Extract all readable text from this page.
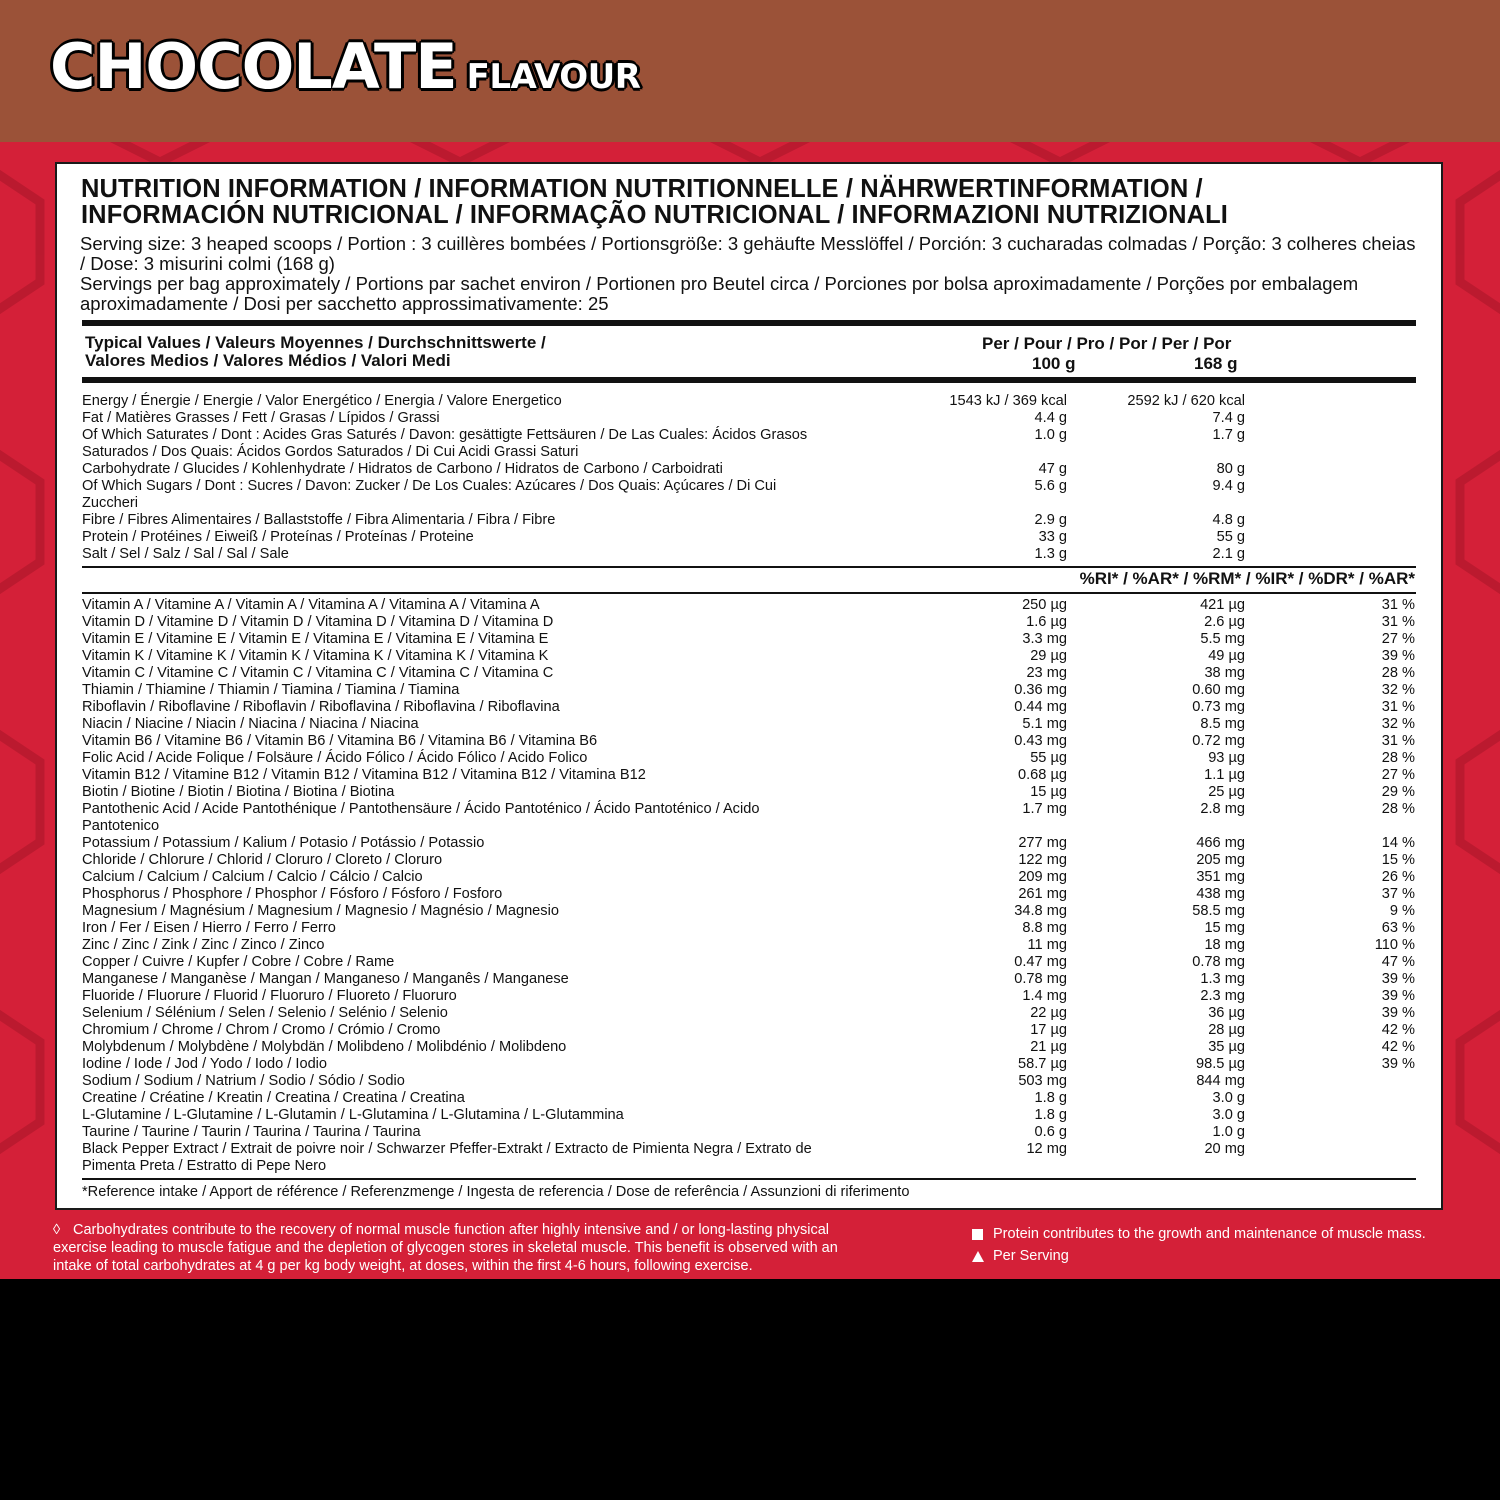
CHOCOLATE FLAVOUR
NUTRITION INFORMATION / INFORMATION NUTRITIONNELLE / NÄHRWERTINFORMATION /
INFORMACIÓN NUTRICIONAL / INFORMAÇÃO NUTRICIONAL / INFORMAZIONI NUTRIZIONALI

Serving size: 3 heaped scoops / Portion : 3 cuillères bombées / Portionsgröße: 3 gehäufte Messlöffel / Porción: 3 cucharadas colmadas / Porção: 3 colheres cheias / Dose: 3 misurini colmi (168 g)

Servings per bag approximately / Portions par sachet environ / Portionen pro Beutel circa / Porciones por bolsa aproximadamente / Porções por embalagem aproximadamente / Dosi per sacchetto approssimativamente: 25

Typical Values / Valeurs Moyennes / Durchschnittswerte /
Valores Medios / Valores Médios / Valori Medi
Per / Pour / Pro / Por / Per / Por
100 g	168 g
Energy / Énergie / Energie / Valor Energético / Energia / Valore Energetico	1543 kJ / 369 kcal	2592 kJ / 620 kcal
Fat / Matières Grasses / Fett / Grasas / Lípidos / Grassi	4.4 g	7.4 g
Of Which Saturates / Dont : Acides Gras Saturés / Davon: gesättigte Fettsäuren / De Las Cuales: Ácidos Grasos Saturados / Dos Quais: Ácidos Gordos Saturados / Di Cui Acidi Grassi Saturi
1.0 g	1.7 g
Carbohydrate / Glucides / Kohlenhydrate / Hidratos de Carbono / Hidratos de Carbono / Carboidrati	47 g	80 g
Of Which Sugars / Dont : Sucres / Davon: Zucker / De Los Cuales: Azúcares / Dos Quais: Açúcares / Di Cui Zuccheri
5.6 g	9.4 g
Fibre / Fibres Alimentaires / Ballaststoffe / Fibra Alimentaria / Fibra / Fibre	2.9 g	4.8 g
Protein / Protéines / Eiweiß / Proteínas / Proteínas / Proteine	33 g	55 g
Salt / Sel / Salz / Sal / Sal / Sale	1.3 g	2.1 g
%RI* / %AR* / %RM* / %IR* / %DR* / %AR*
Vitamin A / Vitamine A / Vitamin A / Vitamina A / Vitamina A / Vitamina A	250 µg	421 µg	31 %
Vitamin D / Vitamine D / Vitamin D / Vitamina D / Vitamina D / Vitamina D	1.6 µg	2.6 µg	31 %
Vitamin E / Vitamine E / Vitamin E / Vitamina E / Vitamina E / Vitamina E	3.3 mg	5.5 mg	27 %
Vitamin K / Vitamine K / Vitamin K / Vitamina K / Vitamina K / Vitamina K	29 µg	49 µg	39 %
Vitamin C / Vitamine C / Vitamin C / Vitamina C / Vitamina C / Vitamina C	23 mg	38 mg	28 %
Thiamin / Thiamine / Thiamin / Tiamina / Tiamina / Tiamina	0.36 mg	0.60 mg	32 %
Riboflavin / Riboflavine / Riboflavin / Riboflavina / Riboflavina / Riboflavina	0.44 mg	0.73 mg	31 %
Niacin / Niacine / Niacin / Niacina / Niacina / Niacina	5.1 mg	8.5 mg	32 %
Vitamin B6 / Vitamine B6 / Vitamin B6 / Vitamina B6 / Vitamina B6 / Vitamina B6	0.43 mg	0.72 mg	31 %
Folic Acid / Acide Folique / Folsäure / Ácido Fólico / Ácido Fólico / Acido Folico	55 µg	93 µg	28 %
Vitamin B12 / Vitamine B12 / Vitamin B12 / Vitamina B12 / Vitamina B12 / Vitamina B12	0.68 µg	1.1 µg	27 %
Biotin / Biotine / Biotin / Biotina / Biotina / Biotina	15 µg	25 µg	29 %
Pantothenic Acid / Acide Pantothénique / Pantothensäure / Ácido Pantoténico / Ácido Pantoténico / Acido Pantotenico
1.7 mg	2.8 mg	28 %
Potassium / Potassium / Kalium / Potasio / Potássio / Potassio	277 mg	466 mg	14 %
Chloride / Chlorure / Chlorid / Cloruro / Cloreto / Cloruro	122 mg	205 mg	15 %
Calcium / Calcium / Calcium / Calcio / Cálcio / Calcio	209 mg	351 mg	26 %
Phosphorus / Phosphore / Phosphor / Fósforo / Fósforo / Fosforo	261 mg	438 mg	37 %
Magnesium / Magnésium / Magnesium / Magnesio / Magnésio / Magnesio	34.8 mg	58.5 mg	9 %
Iron / Fer / Eisen / Hierro / Ferro / Ferro	8.8 mg	15 mg	63 %
Zinc / Zinc / Zink / Zinc / Zinco / Zinco	11 mg	18 mg	110 %
Copper / Cuivre / Kupfer / Cobre / Cobre / Rame	0.47 mg	0.78 mg	47 %
Manganese / Manganèse / Mangan / Manganeso / Manganês / Manganese	0.78 mg	1.3 mg	39 %
Fluoride / Fluorure / Fluorid / Fluoruro / Fluoreto / Fluoruro	1.4 mg	2.3 mg	39 %
Selenium / Sélénium / Selen / Selenio / Selénio / Selenio	22 µg	36 µg	39 %
Chromium / Chrome / Chrom / Cromo / Crómio / Cromo	17 µg	28 µg	42 %
Molybdenum / Molybdène / Molybdän / Molibdeno / Molibdénio / Molibdeno	21 µg	35 µg	42 %
Iodine / Iode / Jod / Yodo / Iodo / Iodio	58.7 µg	98.5 µg	39 %
Sodium / Sodium / Natrium / Sodio / Sódio / Sodio	503 mg	844 mg
Creatine / Créatine / Kreatin / Creatina / Creatina / Creatina	1.8 g	3.0 g
L-Glutamine / L-Glutamine / L-Glutamin / L-Glutamina / L-Glutamina / L-Glutammina	1.8 g	3.0 g
Taurine / Taurine / Taurin / Taurina / Taurina / Taurina	0.6 g	1.0 g
Black Pepper Extract / Extrait de poivre noir / Schwarzer Pfeffer-Extrakt / Extracto de Pimienta Negra / Extrato de Pimenta Preta / Estratto di Pepe Nero
12 mg	20 mg
*Reference intake / Apport de référence / Referenzmenge / Ingesta de referencia / Dose de referência / Assunzioni di riferimento
◊ Carbohydrates contribute to the recovery of normal muscle function after highly intensive and / or long-lasting physical exercise leading to muscle fatigue and the depletion of glycogen stores in skeletal muscle. This benefit is observed with an intake of total carbohydrates at 4 g per kg body weight, at doses, within the first 4-6 hours, following exercise.
Protein contributes to the growth and maintenance of muscle mass.
Per Serving
